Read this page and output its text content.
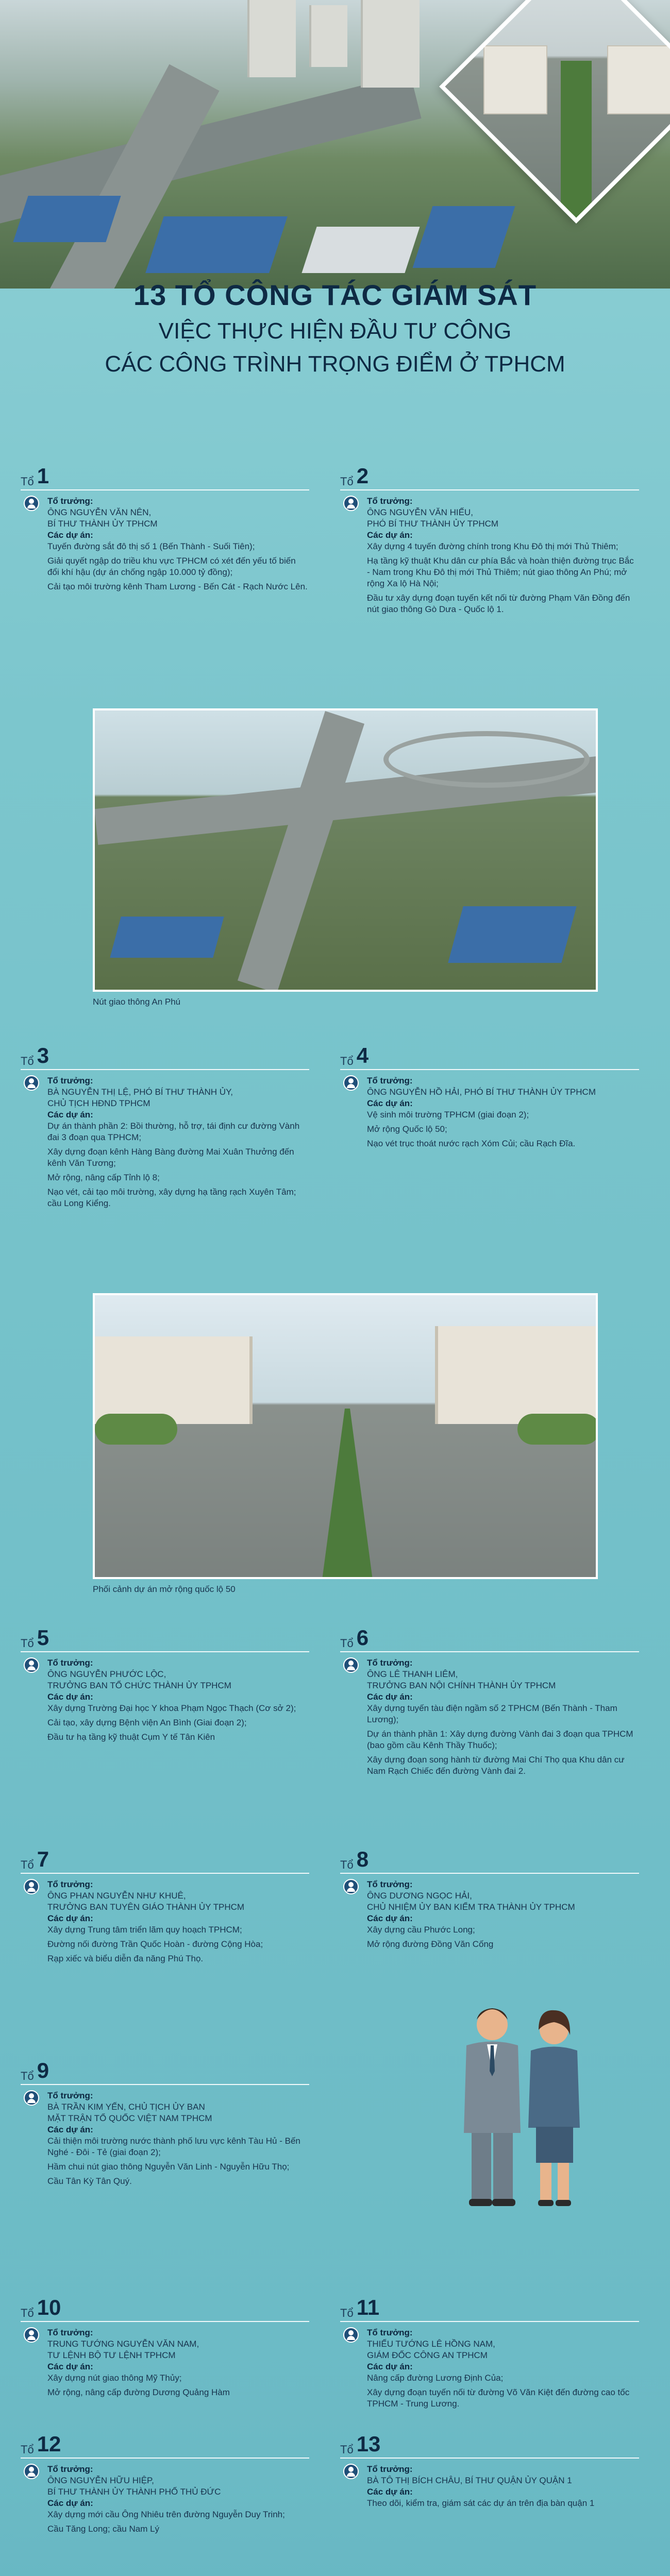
13 TỔ CÔNG TÁC GIÁM SÁT
VIỆC THỰC HIỆN ĐẦU TƯ CÔNG
CÁC CÔNG TRÌNH TRỌNG ĐIỂM Ở TPHCM
Tổ 1
Tổ trưởng:
ÔNG NGUYỄN VĂN NÊN,
BÍ THƯ THÀNH ỦY TPHCM
Các dự án:
Tuyến đường sắt đô thị số 1 (Bến Thành - Suối Tiên);
Giải quyết ngập do triều khu vực TPHCM có xét đến yếu tố biến đổi khí hậu (dự án chống ngập 10.000 tỷ đồng);
Cải tạo môi trường kênh Tham Lương - Bến Cát - Rạch Nước Lên.
Tổ 2
Tổ trưởng:
ÔNG NGUYỄN VĂN HIẾU,
PHÓ BÍ THƯ THÀNH ỦY TPHCM
Các dự án:
Xây dựng 4 tuyến đường chính trong Khu Đô thị mới Thủ Thiêm;
Hạ tầng kỹ thuật Khu dân cư phía Bắc và hoàn thiện đường trục Bắc - Nam trong Khu Đô thị mới Thủ Thiêm; nút giao thông An Phú; mở rộng Xa lộ Hà Nội;
Đầu tư xây dựng đoạn tuyến kết nối từ đường Phạm Văn Đồng đến nút giao thông Gò Dưa - Quốc lộ 1.
Nút giao thông An Phú
Tổ 3
Tổ trưởng:
BÀ NGUYỄN THỊ LỆ, PHÓ BÍ THƯ THÀNH ỦY,
CHỦ TỊCH HĐND TPHCM
Các dự án:
Dự án thành phần 2: Bồi thường, hỗ trợ, tái định cư đường Vành đai 3 đoạn qua TPHCM;
Xây dựng đoạn kênh Hàng Bàng đường Mai Xuân Thưởng đến kênh Văn Tương;
Mở rộng, nâng cấp Tỉnh lộ 8;
Nạo vét, cải tạo môi trường, xây dựng hạ tầng rạch Xuyên Tâm; cầu Long Kiểng.
Tổ 4
Tổ trưởng:
ÔNG NGUYỄN HỒ HẢI, PHÓ BÍ THƯ THÀNH ỦY TPHCM
Các dự án:
Vệ sinh môi trường TPHCM (giai đoạn 2);
Mở rộng Quốc lộ 50;
Nạo vét trục thoát nước rạch Xóm Củi; cầu Rạch Đĩa.
Phối cảnh dự án mở rộng quốc lộ 50
Tổ 5
Tổ trưởng:
ÔNG NGUYỄN PHƯỚC LỘC,
TRƯỞNG BAN TỔ CHỨC THÀNH ỦY TPHCM
Các dự án:
Xây dựng Trường Đại học Y khoa Phạm Ngọc Thạch (Cơ sở 2);
Cải tạo, xây dựng Bệnh viện An Bình (Giai đoạn 2);
Đầu tư hạ tầng kỹ thuật Cụm Y tế Tân Kiên
Tổ 6
Tổ trưởng:
ÔNG LÊ THANH LIÊM,
TRƯỞNG BAN NỘI CHÍNH THÀNH ỦY TPHCM
Các dự án:
Xây dựng tuyến tàu điện ngầm số 2 TPHCM (Bến Thành - Tham Lương);
Dự án thành phần 1: Xây dựng đường Vành đai 3 đoạn qua TPHCM (bao gồm cầu Kênh Thầy Thuốc);
Xây dựng đoạn song hành từ đường Mai Chí Thọ qua Khu dân cư Nam Rạch Chiếc đến đường Vành đai 2.
Tổ 7
Tổ trưởng:
ÔNG PHAN NGUYỄN NHƯ KHUÊ,
TRƯỞNG BAN TUYÊN GIÁO THÀNH ỦY TPHCM
Các dự án:
Xây dựng Trung tâm triển lãm quy hoạch TPHCM;
Đường nối đường Trần Quốc Hoàn - đường Cộng Hòa;
Rạp xiếc và biểu diễn đa năng Phú Thọ.
Tổ 8
Tổ trưởng:
ÔNG DƯƠNG NGỌC HẢI,
CHỦ NHIỆM ỦY BAN KIỂM TRA THÀNH ỦY TPHCM
Các dự án:
Xây dựng cầu Phước Long;
Mở rộng đường Đồng Văn Cống
Tổ 9
Tổ trưởng:
BÀ TRẦN KIM YẾN, CHỦ TỊCH ỦY BAN
MẶT TRẬN TỔ QUỐC VIỆT NAM TPHCM
Các dự án:
Cải thiện môi trường nước thành phố lưu vực kênh Tàu Hủ - Bến Nghé - Đôi - Tẻ (giai đoạn 2);
Hầm chui nút giao thông Nguyễn Văn Linh - Nguyễn Hữu Thọ;
Cầu Tân Kỳ Tân Quý.
Tổ 10
Tổ trưởng:
TRUNG TƯỚNG NGUYỄN VĂN NAM,
TƯ LỆNH BỘ TƯ LỆNH TPHCM
Các dự án:
Xây dựng nút giao thông Mỹ Thủy;
Mở rộng, nâng cấp đường Dương Quảng Hàm
Tổ 11
Tổ trưởng:
THIẾU TƯỚNG LÊ HỒNG NAM,
GIÁM ĐỐC CÔNG AN TPHCM
Các dự án:
Nâng cấp đường Lương Định Của;
Xây dựng đoạn tuyến nối từ đường Võ Văn Kiệt đến đường cao tốc TPHCM - Trung Lương.
Tổ 12
Tổ trưởng:
ÔNG NGUYỄN HỮU HIỆP,
BÍ THƯ THÀNH ỦY THÀNH PHỐ THỦ ĐỨC
Các dự án:
Xây dựng mới cầu Ông Nhiêu trên đường Nguyễn Duy Trinh;
Cầu Tăng Long; cầu Nam Lý
Tổ 13
Tổ trưởng:
BÀ TÔ THỊ BÍCH CHÂU, BÍ THƯ QUẬN ỦY QUẬN 1
Các dự án:
Theo dõi, kiểm tra, giám sát các dự án trên địa bàn quận 1
